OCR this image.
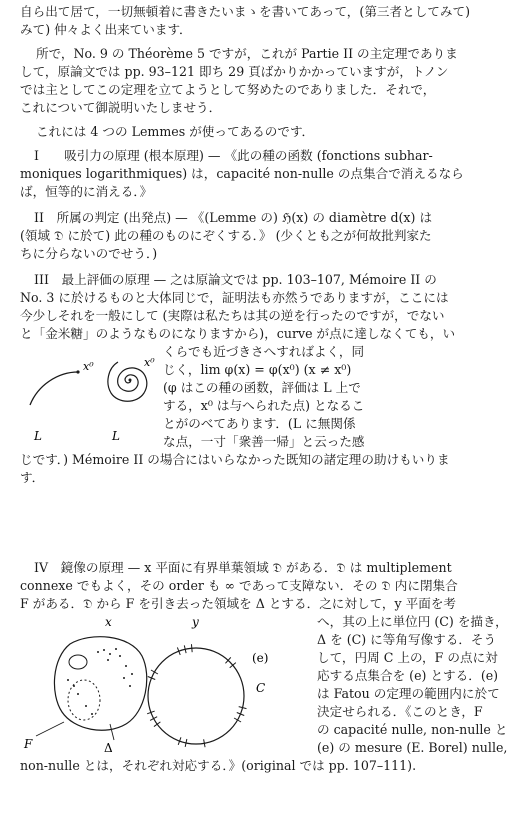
自ら出て居て，一切無頓着に書きたいまゝを書いてあって，(第三者としてみて)
みて) 仲々よく出来ています．
所で，No. 9 の Théorème 5 ですが，これが Partie II の主定理でありま
して，原論文では pp. 93–121 即ち 29 頁ばかりかかっていますが，トノン
では主としてこの定理を立てようとして努めたのでありました．それで，
これについて御説明いたしませう．
これには 4 つの Lemmes が使ってあるのです．
I　　吸引力の原理 (根本原理) — 《此の種の函数 (fonctions subhar-
moniques logarithmiques) は，capacité non-nulle の点集合で消えるなら
ば，恒等的に消える．》
II　所属の判定 (出発点) — 《(Lemme の) ℌ(x) の diamètre d(x) は
(領域 𝔇 に於て) 此の種のものにぞくする．》 (少くとも之が何故批判家た
ちに分らないのでせう．)
III　最上評価の原理 — 之は原論文では pp. 103–107, Mémoire II の
No. 3 に於けるものと大体同じで，証明法も亦然うでありますが，ここには
今少しそれを一般にして (実際は私たちは其の逆を行ったのですが，でない
と「金米糖」のようなものになりますから)，curve が点に達しなくても，い
くらでも近づきさへすればよく，同
じく，lim φ(x) = φ(x⁰) (x ≠ x⁰)
(φ はこの種の函数，評価は L 上で
する，x⁰ は与へられた点) となるこ
とがのべてあります．(L に無関係
な点，一寸「衆善一帰」と云った感
じです．) Mémoire II の場合にはいらなかった既知の諸定理の助けもいりま
す．
x⁰
L
x⁰
L
IV　鏡像の原理 — x 平面に有界単葉領域 𝔇 がある．𝔇 は multiplement
connexe でもよく，その order も ∞ であって支障ない．その 𝔇 内に閉集合
F がある．𝔇 から F を引き去った領域を Δ とする．之に対して，y 平面を考
へ，其の上に単位円 (C) を描き，
Δ を (C) に等角写像する．そう
して，円周 C 上の，F の点に対
応する点集合を (e) とする．(e)
は Fatou の定理の範囲内に於て
決定せられる．《このとき，F
の capacité nulle, non-nulle と
(e) の mesure (E. Borel) nulle,
non-nulle とは，それぞれ対応する．》(original では pp. 107–111).
x
F	Δ
y
(e)
C
